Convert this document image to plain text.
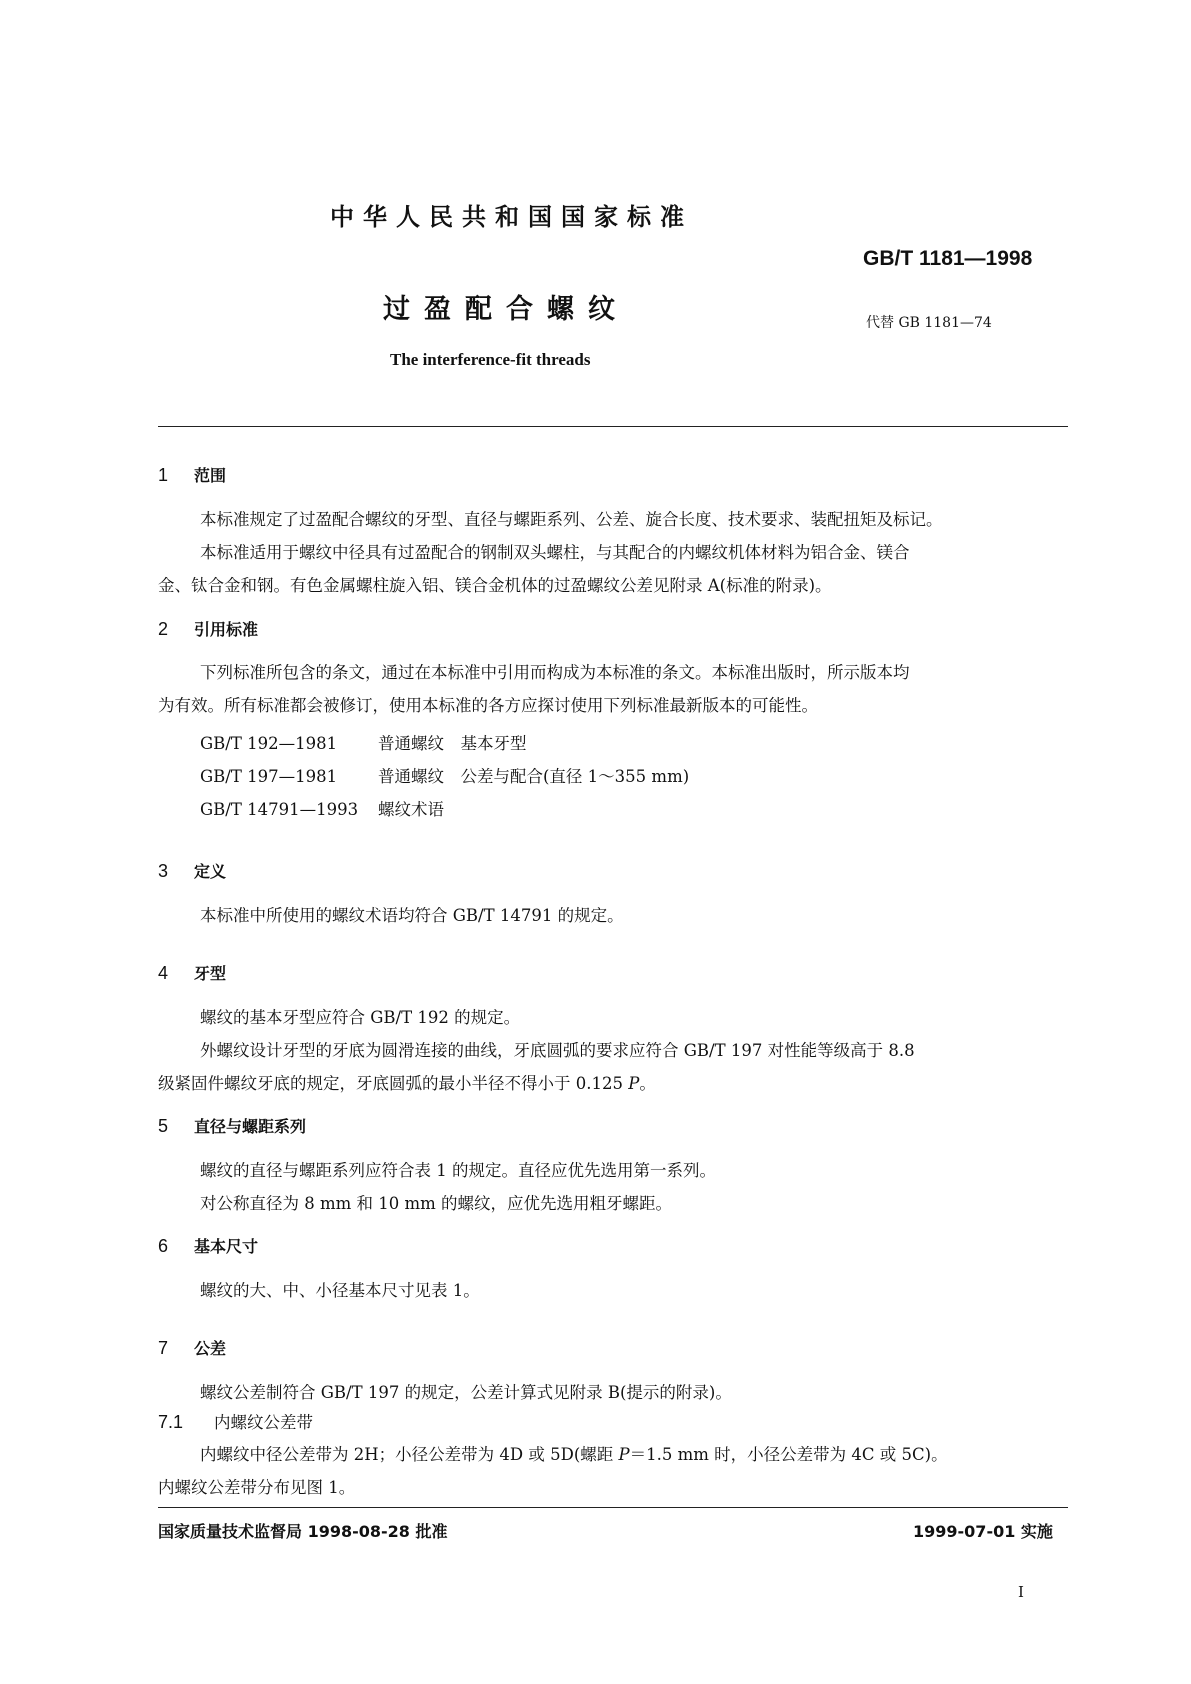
中华人民共和国国家标准
GB/T 1181—1998
过盈配合螺纹	代替 GB 1181—74
The interference-fit threads
1 范围
本标准规定了过盈配合螺纹的牙型、直径与螺距系列、公差、旋合长度、技术要求、装配扭矩及标记。
本标准适用于螺纹中径具有过盈配合的钢制双头螺柱，与其配合的内螺纹机体材料为铝合金、镁合
金、钛合金和钢。有色金属螺柱旋入铝、镁合金机体的过盈螺纹公差见附录 A(标准的附录)。
2 引用标准
下列标准所包含的条文，通过在本标准中引用而构成为本标准的条文。本标准出版时，所示版本均
为有效。所有标准都会被修订，使用本标准的各方应探讨使用下列标准最新版本的可能性。
GB/T 192—1981 普通螺纹　基本牙型
GB/T 197—1981 普通螺纹　公差与配合(直径 1～355 mm)
GB/T 14791—1993 螺纹术语
3 定义
本标准中所使用的螺纹术语均符合 GB/T 14791 的规定。
4 牙型
螺纹的基本牙型应符合 GB/T 192 的规定。
外螺纹设计牙型的牙底为圆滑连接的曲线，牙底圆弧的要求应符合 GB/T 197 对性能等级高于 8.8
级紧固件螺纹牙底的规定，牙底圆弧的最小半径不得小于 0.125 P。
5 直径与螺距系列
螺纹的直径与螺距系列应符合表 1 的规定。直径应优先选用第一系列。
对公称直径为 8 mm 和 10 mm 的螺纹，应优先选用粗牙螺距。
6 基本尺寸
螺纹的大、中、小径基本尺寸见表 1。
7 公差
螺纹公差制符合 GB/T 197 的规定，公差计算式见附录 B(提示的附录)。
7.1 内螺纹公差带
内螺纹中径公差带为 2H；小径公差带为 4D 或 5D(螺距 P＝1.5 mm 时，小径公差带为 4C 或 5C)。
内螺纹公差带分布见图 1。
国家质量技术监督局 1998-08-28 批准	1999-07-01 实施
I
